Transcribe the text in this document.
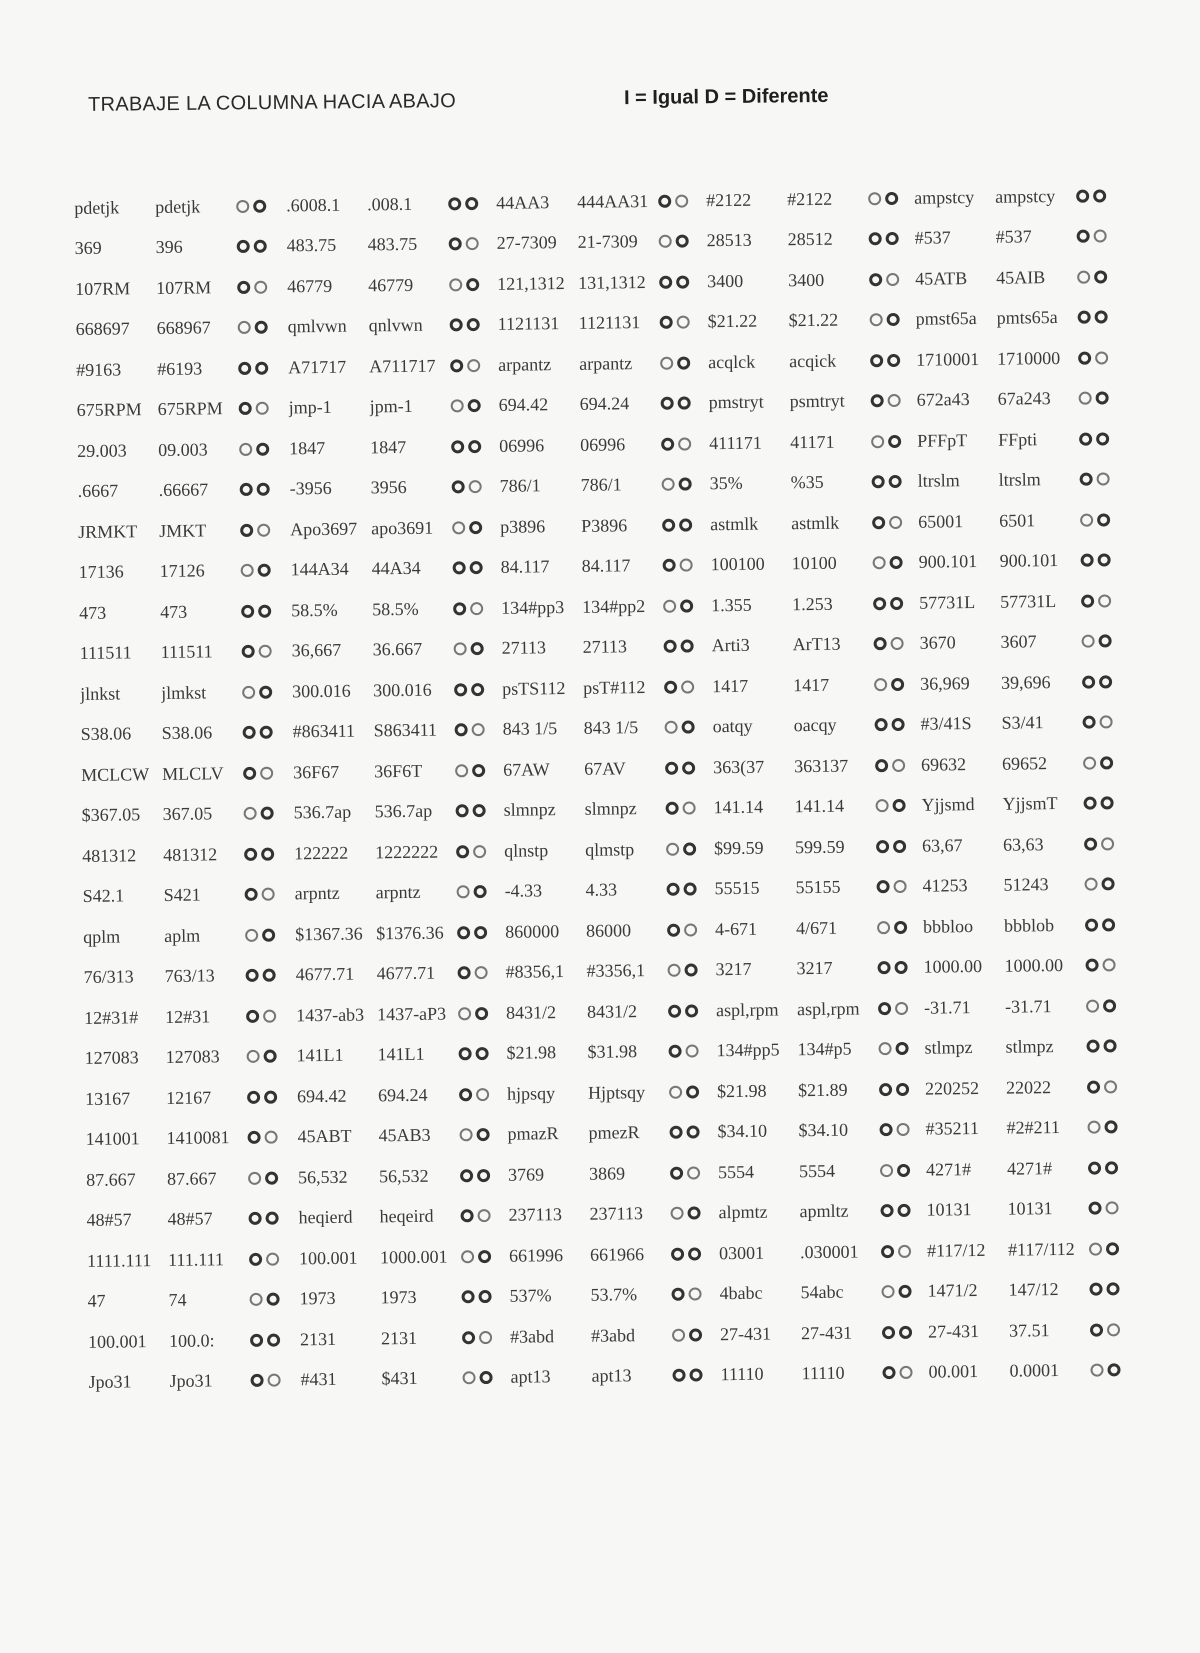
TRABAJE LA COLUMNA HACIA ABAJO	I = Igual D = Diferente
pdetjk	pdetjk	.6008.1	.008.1	44AA3	444AA31	#2122	#2122	ampstcy	ampstcy
369	396	483.75	483.75	27-7309	21-7309	28513	28512	#537	#537
107RM	107RM	46779	46779	121,1312 131,1312	3400	3400	45ATB	45AIB
668697	668967	qmlvwn	qnlvwn	1121131	1121131	$21.22	$21.22	pmst65a	pmts65a
#9163	#6193	A71717	A711717	arpantz	arpantz	acqlck	acqick	1710001 1710000
675RPM 675RPM	jmp-1	jpm-1	694.42	694.24	pmstryt	psmtryt	672a43	67a243
29.003	09.003	1847	1847	06996	06996	411171	41171	PFFpT	FFpti
.6667	.66667	-3956	3956	786/1	786/1	35%	%35	ltrslm	ltrslm
JRMKT	JMKT	Apo3697 apo3691	p3896	P3896	astmlk	astmlk	65001	6501
17136	17126	144A34	44A34	84.117	84.117	100100	10100	900.101	900.101
473	473	58.5%	58.5%	134#pp3 134#pp2	1.355	1.253	57731L	57731L
111511	111511	36,667	36.667	27113	27113	Arti3	ArT13	3670	3607
jlnkst	jlmkst	300.016	300.016	psTS112 psT#112	1417	1417	36,969	39,696
S38.06	S38.06	#863411	S863411	843 1/5	843 1/5	oatqy	oacqy	#3/41S	S3/41
MCLCW MLCLV	36F67	36F6T	67AW	67AV	363(37	363137	69632	69652
$367.05	367.05	536.7ap	536.7ap	slmnpz	slmnpz	141.14	141.14	Yjjsmd	YjjsmT
481312	481312	122222	1222222	qlnstp	qlmstp	$99.59	599.59	63,67	63,63
S42.1	S421	arpntz	arpntz	-4.33	4.33	55515	55155	41253	51243
qplm	aplm	$1367.36 $1376.36	860000	86000	4-671	4/671	bbbloo	bbblob
76/313	763/13	4677.71	4677.71	#8356,1	#3356,1	3217	3217	1000.00	1000.00
12#31#	12#31	1437-ab3 1437-aP3	8431/2	8431/2	aspl,rpm	aspl,rpm	-31.71	-31.71
127083	127083	141L1	141L1	$21.98	$31.98	134#pp5 134#p5	stlmpz	stlmpz
13167	12167	694.42	694.24	hjpsqy	Hjptsqy	$21.98	$21.89	220252	22022
141001	1410081	45ABT	45AB3	pmazR	pmezR	$34.10	$34.10	#35211	#2#211
87.667	87.667	56,532	56,532	3769	3869	5554	5554	4271#	4271#
48#57	48#57	heqierd	heqeird	237113	237113	alpmtz	apmltz	10131	10131
1111.111 111.111	100.001	1000.001	661996	661966	03001	.030001	#117/12	#117/112
47	74	1973	1973	537%	53.7%	4babc	54abc	1471/2	147/12
100.001	100.0:	2131	2131	#3abd	#3abd	27-431	27-431	27-431	37.51
Jpo31	Jpo31	#431	$431	apt13	apt13	11110	11110	00.001	0.0001
